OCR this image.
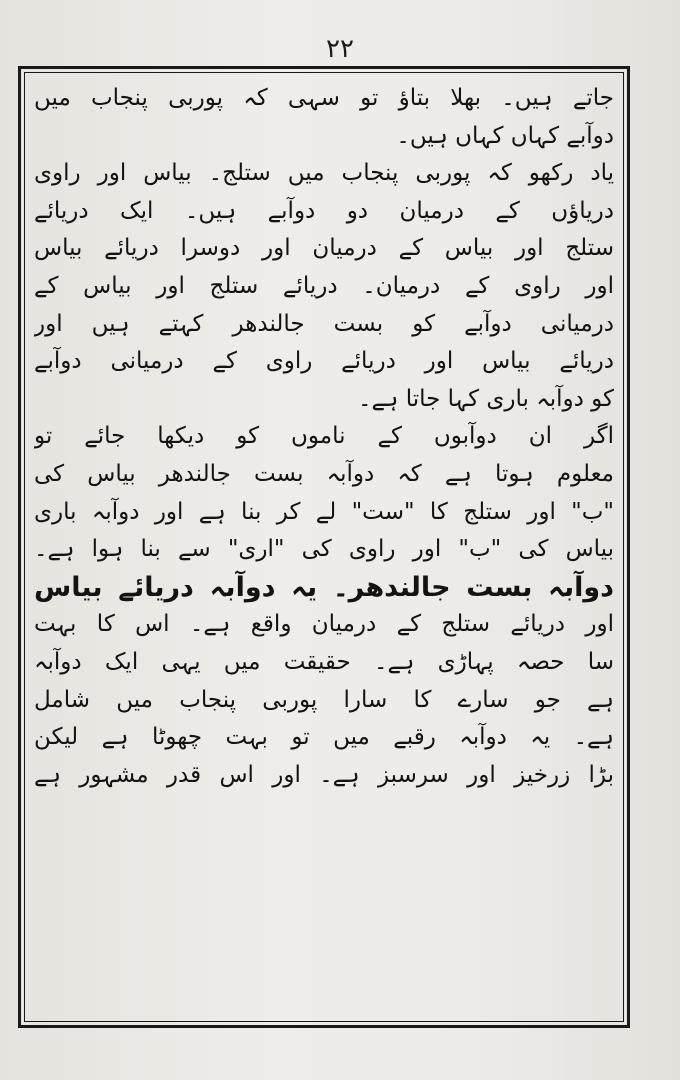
۲۲
جاتے ہیں۔ بھلا بتاؤ تو سہی کہ پوربی پنجاب میں
دوآبے کہاں کہاں ہیں۔
یاد رکھو کہ پوربی پنجاب میں ستلج۔ بیاس اور راوی
دریاؤں کے درمیان دو دوآبے ہیں۔ ایک دریائے
ستلج اور بیاس کے درمیان اور دوسرا دریائے بیاس
اور راوی کے درمیان۔ دریائے ستلج اور بیاس کے
درمیانی دوآبے کو بست جالندھر کہتے ہیں اور
دریائے بیاس اور دریائے راوی کے درمیانی دوآبے
کو دوآبہ باری کہا جاتا ہے۔
اگر ان دوآبوں کے ناموں کو دیکھا جائے تو
معلوم ہوتا ہے کہ دوآبہ بست جالندھر بیاس کی
"ب" اور ستلج کا "ست" لے کر بنا ہے اور دوآبہ باری
بیاس کی "ب" اور راوی کی "اری" سے بنا ہوا ہے۔
دوآبہ بست جالندھر۔ یہ دوآبہ دریائے بیاس
اور دریائے ستلج کے درمیان واقع ہے۔ اس کا بہت
سا حصہ پہاڑی ہے۔ حقیقت میں یہی ایک دوآبہ
ہے جو سارے کا سارا پوربی پنجاب میں شامل
ہے۔ یہ دوآبہ رقبے میں تو بہت چھوٹا ہے لیکن
بڑا زرخیز اور سرسبز ہے۔ اور اس قدر مشہور ہے
